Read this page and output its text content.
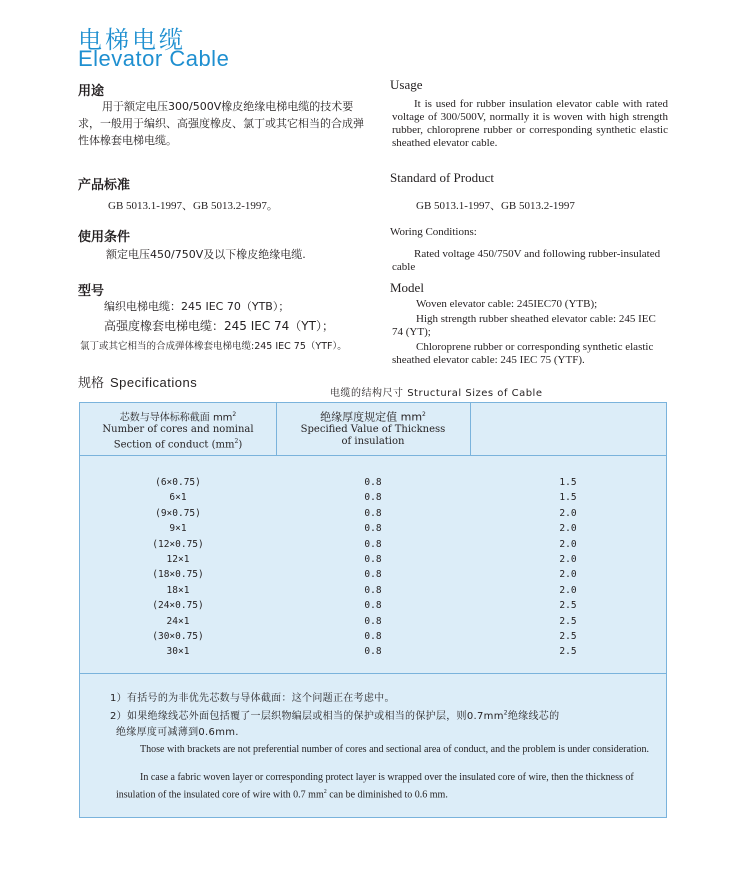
电梯电缆
Elevator Cable
用途
用于额定电压300/500V橡皮绝缘电梯电缆的技术要求，一般用于编织、高强度橡皮、氯丁或其它相当的合成弹性体橡套电梯电缆。
Usage
It is used for rubber insulation elevator cable with rated voltage of 300/500V, normally it is woven with high strength rubber, chloroprene rubber or corresponding synthetic elastic sheathed elevator cable.
产品标准
GB 5013.1-1997、GB 5013.2-1997。
Standard of Product
GB 5013.1-1997、GB 5013.2-1997
使用条件
额定电压450/750V及以下橡皮绝缘电缆.
Woring Conditions:
Rated voltage 450/750V and following rubber-insulated cable
型号
编织电梯电缆：245 IEC 70（YTB）；
高强度橡套电梯电缆：245 IEC 74（YT）；
氯丁或其它相当的合成弹体橡套电梯电缆:245 IEC 75（YTF）。
Model
Woven elevator cable: 245IEC70 (YTB);
High strength rubber sheathed elevator cable: 245 IEC 74 (YT);
Chloroprene rubber or corresponding synthetic elastic sheathed elevator cable: 245 IEC 75 (YTF).
规格 Specifications
电缆的结构尺寸 Structural Sizes of Cable
芯数与导体标称截面 $mm^2$
Number of cores and nominal
Section of conduct $(mm^2)$
绝缘厚度规定值 $mm^2$
Specified Value of Thickness
of insulation
(6×0.75)	0.8	1.5
6×1	0.8	1.5
(9×0.75)	0.8	2.0
9×1	0.8	2.0
(12×0.75)	0.8	2.0
12×1	0.8	2.0
(18×0.75)	0.8	2.0
18×1	0.8	2.0
(24×0.75)	0.8	2.5
24×1	0.8	2.5
(30×0.75)	0.8	2.5
30×1	0.8	2.5
1）有括号的为非优先芯数与导体截面：这个问题正在考虑中。
2）如果绝缘线芯外面包括覆了一层织物编层或相当的保护或相当的保护层，则$0.7mm^2$绝缘线芯的
绝缘厚度可减薄到0.6mm.
Those with brackets are not preferential number of cores and sectional area of conduct, and the problem is under consideration.
In case a fabric woven layer or corresponding protect layer is wrapped over the insulated core of wire, then the thickness of insulation of the insulated core of wire with 0.7 $mm^2$ can be diminished to 0.6 mm.
